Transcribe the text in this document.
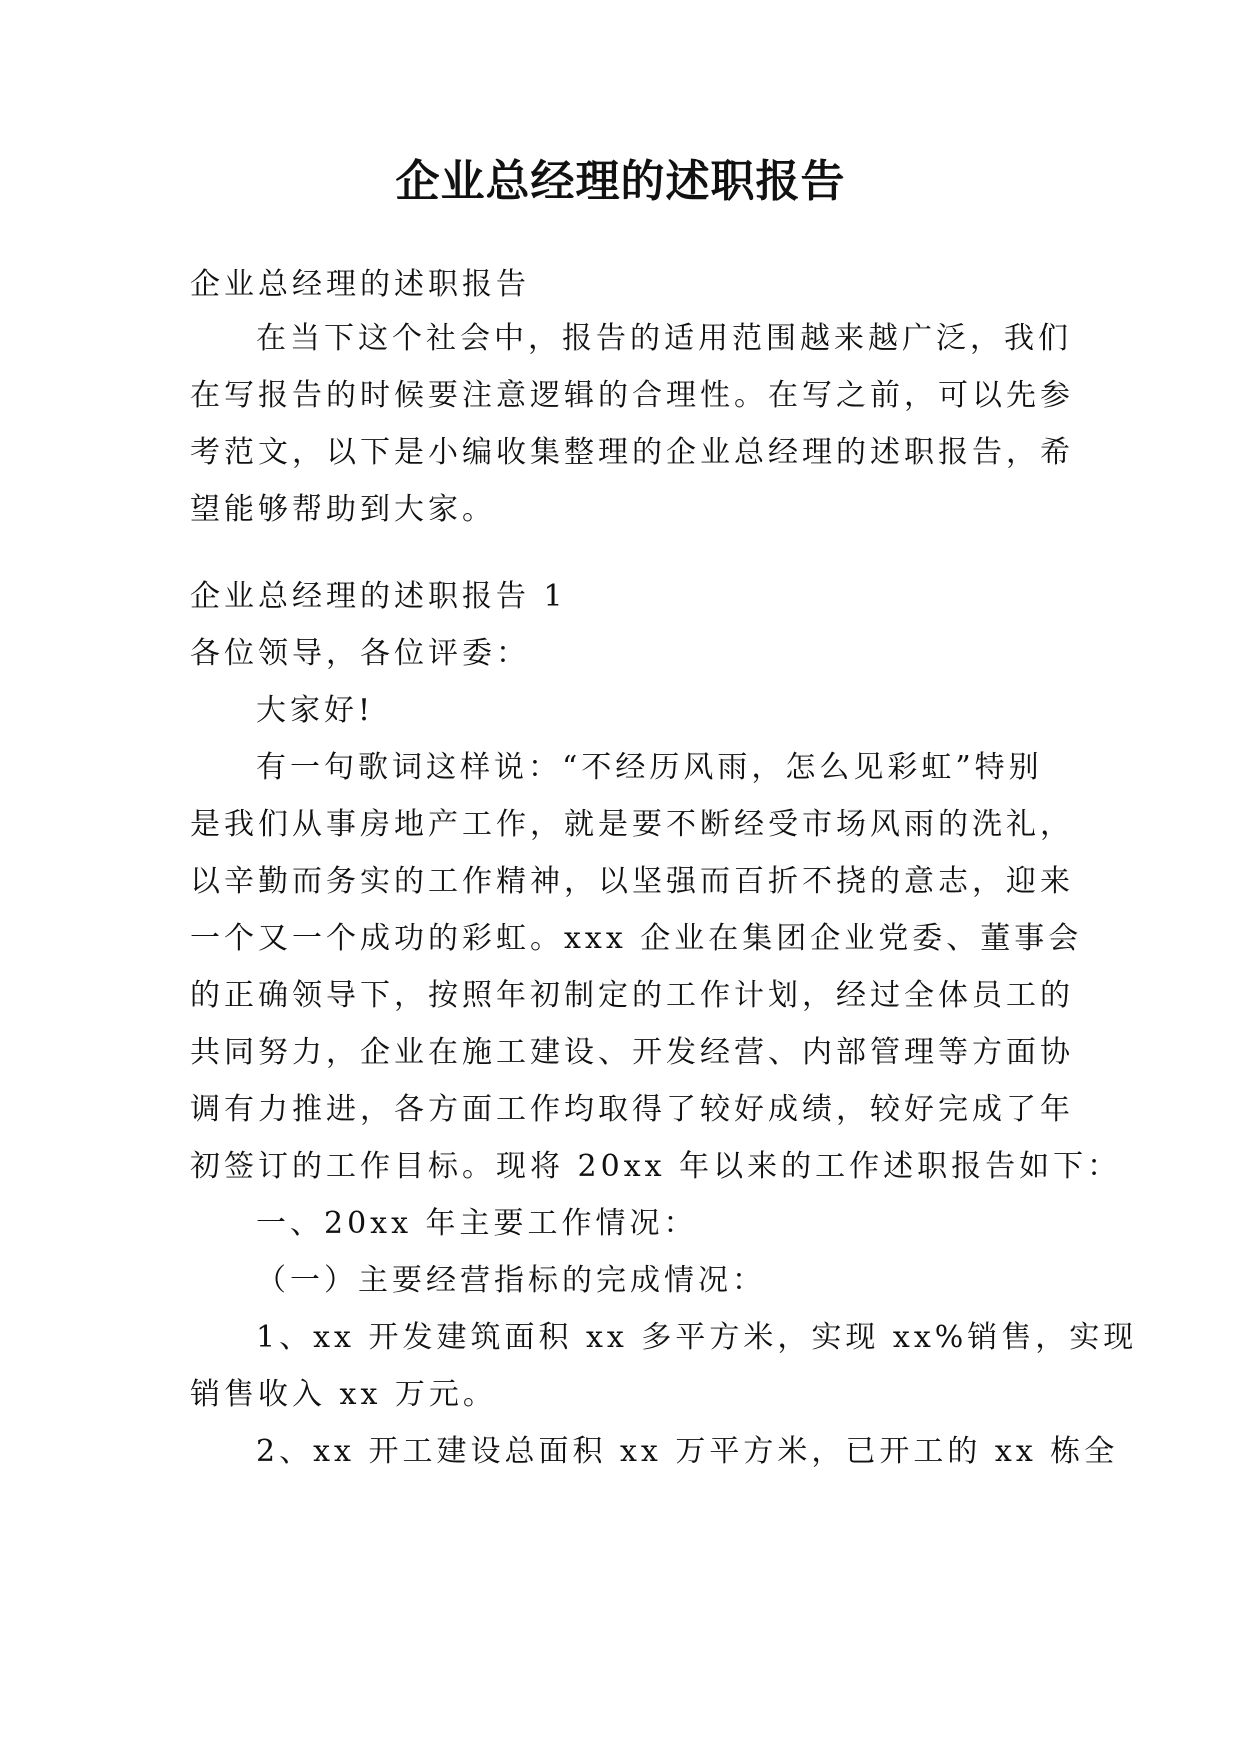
企业总经理的述职报告
企业总经理的述职报告
在当下这个社会中，报告的适用范围越来越广泛，我们
在写报告的时候要注意逻辑的合理性。在写之前，可以先参
考范文，以下是小编收集整理的企业总经理的述职报告，希
望能够帮助到大家。
企业总经理的述职报告 1
各位领导，各位评委：
大家好!
有一句歌词这样说：“不经历风雨，怎么见彩虹”特别
是我们从事房地产工作，就是要不断经受市场风雨的洗礼，
以辛勤而务实的工作精神，以坚强而百折不挠的意志，迎来
一个又一个成功的彩虹。xxx 企业在集团企业党委、董事会
的正确领导下，按照年初制定的工作计划，经过全体员工的
共同努力，企业在施工建设、开发经营、内部管理等方面协
调有力推进，各方面工作均取得了较好成绩，较好完成了年
初签订的工作目标。现将 20xx 年以来的工作述职报告如下：
一、20xx 年主要工作情况：
（一）主要经营指标的完成情况：
1、xx 开发建筑面积 xx 多平方米，实现 xx%销售，实现
销售收入 xx 万元。
2、xx 开工建设总面积 xx 万平方米，已开工的 xx 栋全
